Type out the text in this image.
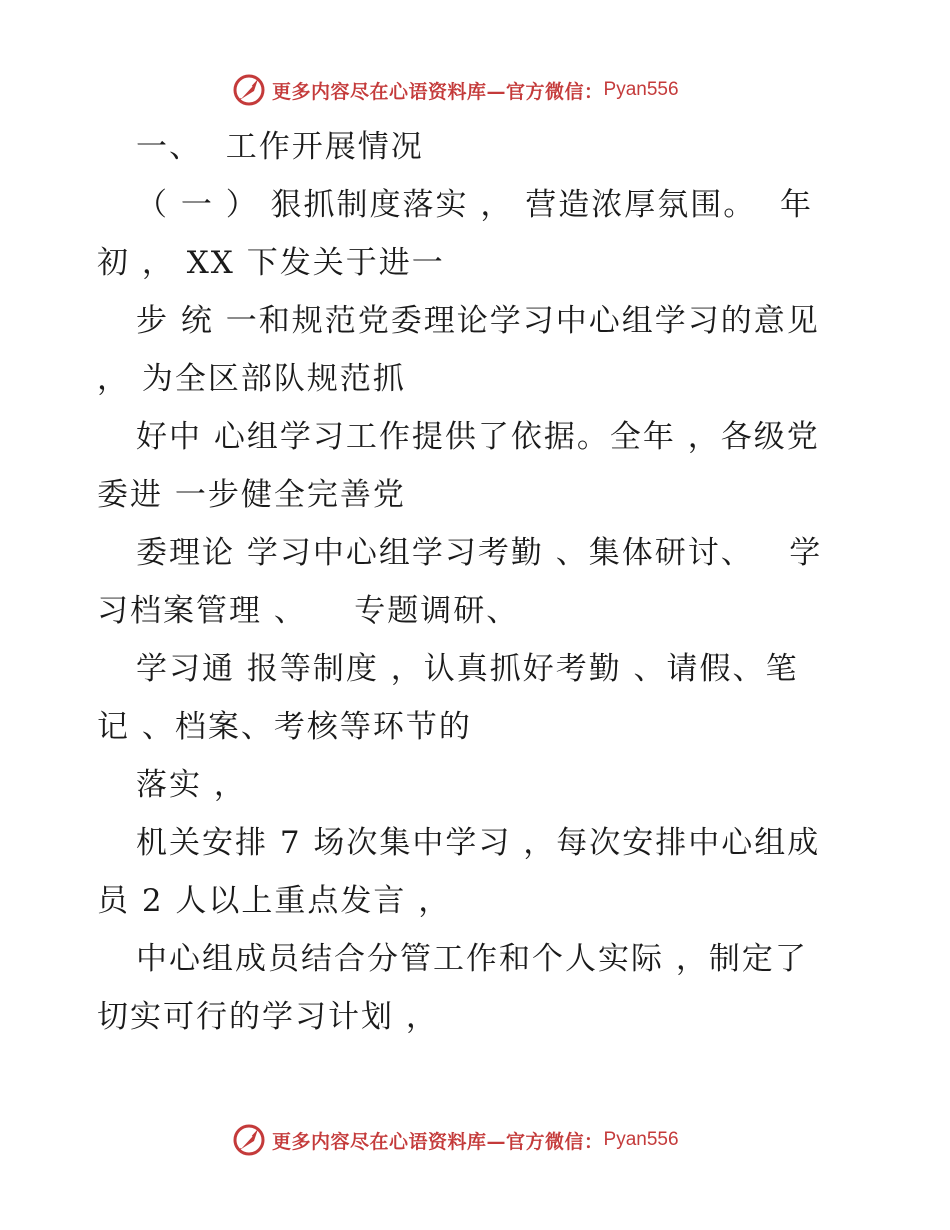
更多内容尽在心语资料库—官方微信： Pyan556
一、  工作开展情况
（ 一 ） 狠抓制度落实 ， 营造浓厚氛围。  年
初 ， XX 下发关于进一
步 统 一和规范党委理论学习中心组学习的意见
， 为全区部队规范抓
好中 心组学习工作提供了依据。全年 ，各级党
委进 一步健全完善党
委理论 学习中心组学习考勤 、集体研讨、   学
习档案管理 、    专题调研、
学习通 报等制度 ，认真抓好考勤 、请假、笔
记 、档案、考核等环节的
落实 ，
机关安排 7 场次集中学习 ，每次安排中心组成
员 2 人以上重点发言 ，
中心组成员结合分管工作和个人实际 ，制定了
切实可行的学习计划 ，
更多内容尽在心语资料库—官方微信： Pyan556
